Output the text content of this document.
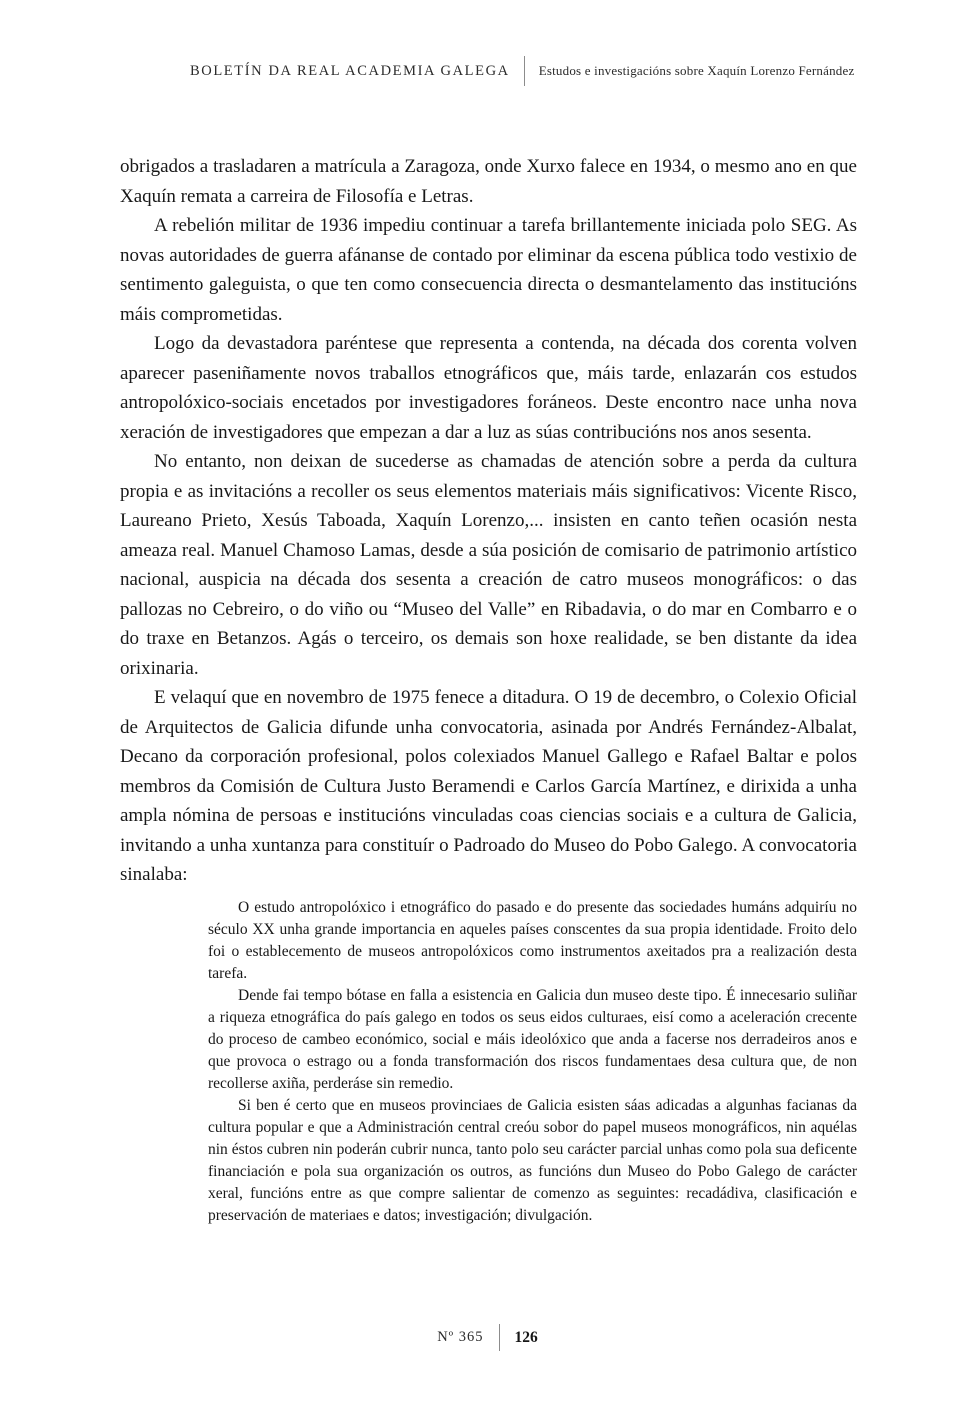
BOLETÍN DA REAL ACADEMIA GALEGA Estudos e investigacións sobre Xaquín Lorenzo Fernández

obrigados a trasladaren a matrícula a Zaragoza, onde Xurxo falece en 1934, o mesmo ano en que Xaquín remata a carreira de Filosofía e Letras.

A rebelión militar de 1936 impediu continuar a tarefa brillantemente iniciada polo SEG. As novas autoridades de guerra afánanse de contado por eliminar da escena pública todo vestixio de sentimento galeguista, o que ten como consecuencia directa o desmantelamento das institucións máis comprometidas.

Logo da devastadora paréntese que representa a contenda, na década dos corenta volven aparecer paseniñamente novos traballos etnográficos que, máis tarde, enlazarán cos estudos antropolóxico-sociais encetados por investigadores foráneos. Deste encontro nace unha nova xeración de investigadores que empezan a dar a luz as súas contribucións nos anos sesenta.

No entanto, non deixan de sucederse as chamadas de atención sobre a perda da cultura propia e as invitacións a recoller os seus elementos materiais máis significativos: Vicente Risco, Laureano Prieto, Xesús Taboada, Xaquín Lorenzo,... insisten en canto teñen ocasión nesta ameaza real. Manuel Chamoso Lamas, desde a súa posición de comisario de patrimonio artístico nacional, auspicia na década dos sesenta a creación de catro museos monográficos: o das pallozas no Cebreiro, o do viño ou “Museo del Valle” en Ribadavia, o do mar en Combarro e o do traxe en Betanzos. Agás o terceiro, os demais son hoxe realidade, se ben distante da idea orixinaria.

E velaquí que en novembro de 1975 fenece a ditadura. O 19 de decembro, o Colexio Oficial de Arquitectos de Galicia difunde unha convocatoria, asinada por Andrés Fernández-Albalat, Decano da corporación profesional, polos colexiados Manuel Gallego e Rafael Baltar e polos membros da Comisión de Cultura Justo Beramendi e Carlos García Martínez, e dirixida a unha ampla nómina de persoas e institucións vinculadas coas ciencias sociais e a cultura de Galicia, invitando a unha xuntanza para constituír o Padroado do Museo do Pobo Galego. A convocatoria sinalaba:

O estudo antropolóxico i etnográfico do pasado e do presente das sociedades humáns adquiríu no século XX unha grande importancia en aqueles países conscentes da sua propia identidade. Froito delo foi o establecemento de museos antropolóxicos como instrumentos axeitados pra a realización desta tarefa.

Dende fai tempo bótase en falla a esistencia en Galicia dun museo deste tipo. É innecesario suliñar a riqueza etnográfica do país galego en todos os seus eidos culturaes, eisí como a aceleración crecente do proceso de cambeo económico, social e máis ideolóxico que anda a facerse nos derradeiros anos e que provoca o estrago ou a fonda transformación dos riscos fundamentaes desa cultura que, de non recollerse axiña, perderáse sin remedio.

Si ben é certo que en museos provinciaes de Galicia esisten sáas adicadas a algunhas facianas da cultura popular e que a Administración central creóu sobor do papel museos monográficos, nin aquélas nin éstos cubren nin poderán cubrir nunca, tanto polo seu carácter parcial unhas como pola sua deficente financiación e pola sua organización os outros, as funcións dun Museo do Pobo Galego de carácter xeral, funcións entre as que compre salientar de comenzo as seguintes: recadádiva, clasificación e preservación de materiaes e datos; investigación; divulgación.

Nº 365 126
